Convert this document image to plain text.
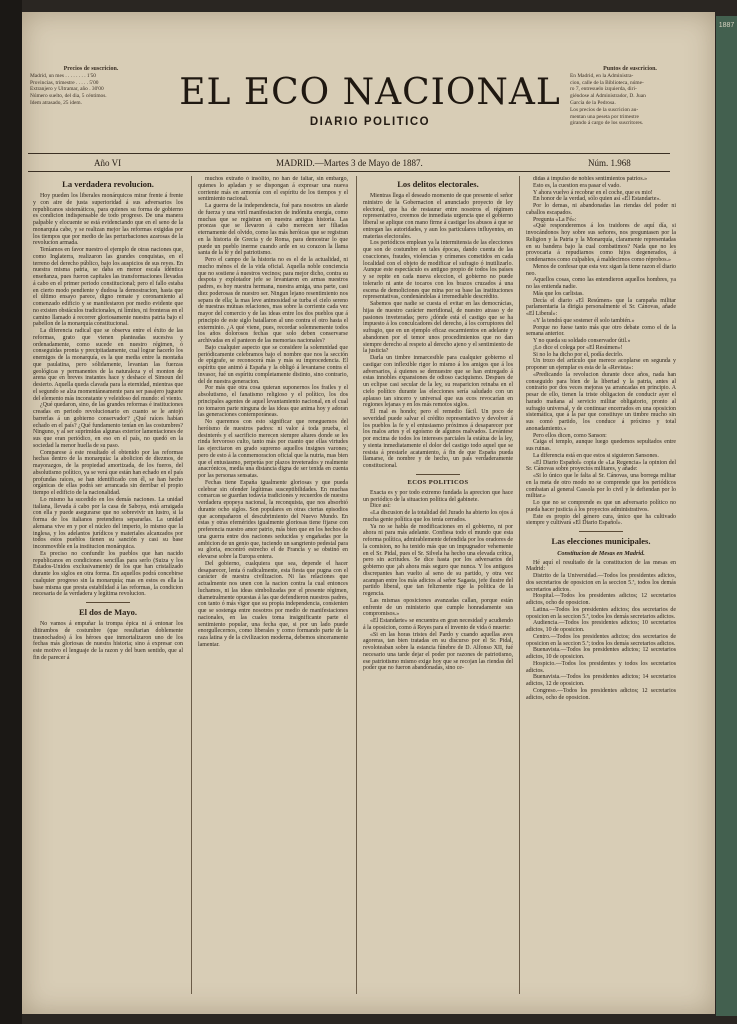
1887
Precios de suscricion.
Madrid, un mes . . . . . . . . 1'50
Provincias, trimestre . . . . . 5'00
Extranjero y Ultramar, año . 30'00
Número suelto, del dia, 5 céntimos.
Idem atrasado, 25 idem.	EL ECO NACIONAL
DIARIO POLITICO
Puntos de suscricion.
En Madrid, en la Administra-
cion, calle de la Biblioteca, núme-
ro 7, entresuelo izquierda, diri-
giéndose al Administrador, D. Juan
García de la Pedrosa.
Los precios de la suscricion au-
mentan una peseta por trimestre
girando á cargo de los suscritores.
Año VI	MADRID.—Martes 3 de Mayo de 1887.	Núm. 1.968
La verdadera revolucion.

Hoy pueden los liberales monárquicos mirar frente á frente y con aire de justa superioridad á sus adversarios los republicanos sistemáticos, para quienes su forma de gobierno es condicion indispensable de todo progreso. De una manera palpable y elocuente se está evidenciando que en el seno de la monarquía cabe, y se realizan mejor las reformas exigidas por los tiempos que por medio de las perturbaciones azarosas de la revolucion armada.

Teníamos en favor nuestro el ejemplo de otras naciones que, como Inglaterra, realizaron las grandes conquistas, en el terreno del derecho público, bajo los auspicios de sus reyes. En nuestra misma patria, se daba en menor escala idéntica enseñanza, pues fueron capitales las transformaciones llevadas á cabo en el primer periodo constitucional; pero el fallo estaba en cierto modo pendiente y dudosa la demostracion, hasta que el último ensayo parece, digno remate y coronamiento al comenzado edificio y se manifestaron por medio evidente que no existen obstáculos tradicionales, ni límites, ni fronteras en el camino llamado á recorrer gloriosamente nuestra patria bajo el pabellon de la monarquía constitucional.

La diferencia radical que se observa entre el éxito de las reformas, grato que vienen planteadas sucesiva y ordenadamente, como sucede en nuestro régimen, ó conseguidas pronta y precipitadamente, cual lograr hacerlo los enemigos de la monarquía, es la que media entre la montaña que paulatina, pero sólidamente, levantan las fuerzas geológicas y permanentes de la naturaleza y el monton de arena que en breves instantes hace y deshace el Simoun del desierto. Aquella queda clavada para la eternidad, mientras que el segundo se alza momentáneamente para ser pasajero juguete del elemento más inconstante y veleidoso del mundo: el viento.

¿Qué quedaron, sino, de las grandes reformas é instituciones creadas en periodo revolucionario en cuanto se le antojó barrerlas á un gobierno conservador? ¿Qué raíces habían echado en el país? ¿Qué fundamento tenían en las costumbres? Ninguno, y al ser suprimidas algunas exterior lamentaciones de sus que eran periódico, en eso en el país, no quedó en la sociedad la menor huella de su paso.

Comparese á este resultado el obtenido por las reformas hechas dentro de la monarquía: la abolicion de diezmos, de mayorazgos, de la propiedad amortizada, de los fueros, del absolutismo político, ya se verá que están han echado en el país profundas raíces, se han identificado con él, se han hecho orgánicas de ellas podrá ser arrancada sin derribar el propio tiempo el edificio de la nacionalidad.

Lo mismo ha sucedido en los demás naciones. La unidad italiana, llevada á cabo por la casa de Saboya, está arraigada con ella y puede asegurarse que no sobrevivir un lustro, si la forma de los italianos pretendiera separarlas. La unidad alemana vive en y por el núcleo del imperio, lo mismo que la inglesa, y los adelantos jurídicos y materiales alcanzados por todos estos pueblos tienen su sanción y casi su base inconmovible en la institucion monárquica.

Es preciso no confundir los pueblos que han nacido republicanos en condiciones sencillas para serlo (Suiza y los Estados-Unidos exclusivamente) de los que han cristalizado durante los siglos en otra forma. En aquellos podrá concebirse cualquier progreso sin la monarquía; mas en estos es ella la base misma que presta estabilidad á las reformas, la condicion necesaria de la verdadera y legítima revolucion.

El dos de Mayo.

No vamos á empuñar la trompa épica ni á entonar los ditirambos de costumbre (que resultarian doblemente trasnochados) á los héroes que inmortalizaron uno de los fechas más gloriosas de nuestra historia; sino á expresar con este motivo el lenguaje de la razon y del buen sentido, que al fin de parecer á

muchos extraño ó insólito, no han de faltar, sin embargo, quienes lo apladan y se dispongan á expresar una nueva corriente más en armonía con el espíritu de los tiempos y el sentimiento nacional.

La guerra de la independencia, fué para nosotros un alarde de fuerza y una viril manifestacion de indómita energía, como muchas que se registran en nuestra antigua historia. Las proezas que se llevaron á cabo merecen ser filiadas eternamente del olvido, como las más heróicas que se registran en la historia de Grecia y de Roma, para demostrar lo que puede un pueblo inerme cuando arde en su corazon la llama santa de la fé y del patriotismo.

Pero el campo de la historia no es el de la actualidad, ni mucho ménos el de la vida oficial. Aquella noble conciencia que no sostiene á nuestros vecinos; para mejor dicho, contra su despota y explotador jefe se levantaron en armas nuestros padres, es hoy nuestra hermana, nuestra amiga, una parte, casi diez poderosas de nuestro ser. Ningun lejano resentimiento nos separa de ella; la mas leve animosidad se turba el cielo sereno de nuestras mútuas relaciones, mas sobre la corriente cada vez mayor del comercio y de las ideas entre los dos pueblos que á principio de este siglo batallaron al uno contra el otro hasta el exterminio. ¿A qué viene, pues, recordar solemnemente todos los años dolorosos fechas que solo deben conservarse archivadas en el panteon de las memorias nacionales?

Bajo cualquier aspecto que se considere la solemnidad que periódicamente celebramos bajo el nombre que nos la sección de epígrafe, se reconocerá más y más su improcedencia. El espíritu que animó á España y la obligó á levantarse contra el invasor, fué un espíritu completamente distinto, sino contrario, del de nuestra generacion.

Por más que otra cosa quieran suponernos los frailes y el absolutismo, el fanatismo religioso y el político, los dos principales agentes de aquel levantamiento nacional, en el cual no tomaron parte ninguna de las ideas que anima hoy y adoran las generaciones contemporáneas.

No queremos con esto significar que reneguemos del heróismo de nuestros padres: ni valor á toda prueba, el desinterés y el sacrificio merecen siempre altares donde se les rinda fervoroso culto, tanto más por cuanto que ellas virtudes las ejercitaron en grado supremo aquellos insignes varones; pero de esto á la conmemoracion oficial que la nutria, mas bien que el entusiasmo, perpetúa por plazos inveterados y realmente anacrónicos, media una distancia digna de ser tenida en cuenta por las personas sensatas.

Fechas tiene España igualmente gloriosas y que pueda celebrar sin ofender legítimas susceptibilidades. En muchas comarcas se guardan todavía tradiciones y recuerdos de nuestra verdadera epopeya nacional, la reconquista, que nos absorbió durante ocho siglos. Son populares en otras ciertas episodios que acompañaron el descubrimiento del Nuevo Mundo. En estas y otras efemérides igualmente gloriosas tiene fijarse con preferencia nuestro amor patrio, más bien que en los hechos de una guerra entre dos naciones seducidas y engañadas por la ambicion de un genio que, tuciendo un sangriento pedestal para su gloria, encontró estrecho el de Francia y se obstinó en elevarse sobre la Europa entera.

Del gobierno, cualquiera que sea, depende el hacer desaparecer, lenta ó radicalmente, esta fiesta que pugna con el carácter de nuestra civilizacion. Ni las relaciones que actualmente nos unen con la nacion contra la cual entonces luchamos, ni las ideas simbolizadas por el presente régimen, diametralmente opuestas á las que defendieron nuestros padres, con tanto ó más vigor que su propia independencia, consienten que se sostenga entre nosotros por medio de manifestaciones nacionales, en las cuales toma insignificante parte el sentimiento popular, una fecha que, si por un lado puede enorgullecernos, como liberales y como formando parte de la raza latina y de la civilizacion moderna, debemos sinceramente lamentar.

Los delitos electorales.

Mientras llega el deseado momento de que presente el señor ministro de la Gobernacion el anunciado proyecto de ley electoral, que ha de restaurar entre nosotros el régimen representativo, creemos de inmediata urgencia que el gobierno liberal se aplique con mano firme á castigar los abusos á que se entregan las autoridades, y aun los particulares influyentes, en materias electorales.

Los periódicos emplean ya la intermitensia de las elecciones que son de costumbre en tales épocas, dando cuenta de las coacciones, fraudes, violencias y crímenes cometidos en cada localidad con el objeto de modificar el sufragio ó inutilizarlo. Aunque este espectáculo es antiguo propio de todos los países y se repite en cada nueva eleccion, el gobierno no puede tolerarlo ni ante de tocaros con los brazos cruzados á una escena de demoliciones que mina por su base las instituciones representativas, condenándolas á irremediable descrédito.

Sabemos que nadie se cuesta el evitar en las democrácias, hijas de nuestro carácter meridional, de nuestro atraso y de pasiones inveteradas; pero ¿dónde está el castigo que se ha impuesto á los conculcadores del derecho, á los corruptores del sufragio, que en un ejemplo eficaz escarmientos en adelante y abandonen por el temor unos procedimientos que no dan siempre derecho al respeto al derecho ajeno y el sentimiento de la justicia?

Darla un timbre inmarcesible para cualquier gobierno el castigar con inflexible rigor lo mismo á los amigos que á los adversarios, á quienes se demuestre que se han entregado á estas innobles expansiones de odioso caciquismo. Despues de un eclipse casi secular de la ley, su reaparicion reinaba en el cielo político durante las elecciones sería saludado con un aplauso tan sincero y universal que sus ecos revocarían en regiones lejanas y en los más remotos siglos.

El mal es hondo; pero el remedio fácil. Un poco de severidad puede salvar el crédito representativo y devolver á los pueblos la fe y el entusiasmo próximos á desaparecer por los malos artes y el egoísmo de algunos malvados. Levántese por encima de todos los intereses parciales la estátua de la ley, y sienta inmediatamente el dolor del castigo todo aquel que se resista á prestarle acatamiento, á fin de que España pueda llamarse, de nombre y de hecho, un país verdaderamente constitucional.

ECOS POLITICOS

Exacta es y por todo extremo fundada la aprecion que hace un periódico de la situacion política del gabinete.

Dice así:

«La discusion de la totalidad del Jurado ha abierto los ojos á mucha gente política que los tenía cerrados.

Ya no se habla de modificaciones en el gobierno, ni por ahora ni para más adelante. Confiesa todo el mundo que esta reforma política, admirablemente defendida por los oradores de la comision, no ha tenido más que un impugnador vehemente en el Sr. Pidal, pues el Sr. Silvela ha hecho una elevada crítica, pero sin acritudes. Se dice hasta por los adversarios del gobierno que ¡ah ahora más seguro que nunca. Y los antiguos discrepantes han vuelto al seno de su partido, y otra vez acampan entre los más adictos al señor Sagasta, jefe ilustre del partido liberal, que tan felizmente rige la política de la regencia.

Las mismas oposiciones avanzadas callan, porque están enfrente de un ministerio que cumple honradamente sus compromisos.»

«El Estandarte» se encuentra en gran necesidad y acudiendo á la oposicion, como á Reyes para el invento de vida ó muerte:

«Si en las horas tristes del Pardo y cuando aquellas aves agoreras, tan bien tratadas en su discurso por el Sr. Pidal, revoloteaban sobre la estancia fúnebre de D. Alfonso XII, fué necesario una tarde dejar el poder por razones de patriotismo, ese patriotismo mismo exige hoy que se recojan las riendas del poder que no fueron abandonadas, sino ce-

didas á impulso de nobles sentimientos patrios.»

Esto es, la cuestion era pasar el vado.

Y ahora vuelvo á recobrar en el coche, que es mio!

En honor de la verdad, sólo quien así «El Estandarte».

Por lo demas, ni abandonadas las riendas del poder ni caballos escapados.

Pregunta «La Fé»:

«Qué responderemos á los traidores de aquí día, si invocándonos hoy sobre sus señores, nos preguntasen por la Religion y la Patria y la Monarquía, claramente representadas en su bandera bajo la cual combatimos? Nada que no les provocaria á repudiarnos como hijos degenerados, á condenarnos como culpables, á maldecirnos como réprobos.»

Menos de confesar que esta vez sigan la tiene razon el diario neo.

Aquellos cosas, como las entendieron aquellos hombres, ya no las entienda nadie.

Más que los carlistas.

Decía el diario «El Resúmen» que la campaña militar parlamentaria la dirigía personalmente el Sr. Cánovas, añade «El Liberal»:

«Y la tendrá que sostener él solo también.»

Porque no fuese tanto más que otro debate como el de la semana anterior.

Y no queda su soldado conservador útil.»

¡Lo dice el colega por «El Resúmen»!

Si no lo ha dicho por el, podía decirlo.

Un trozo del artículo que merece acoplarse en segunda y proponer un ejemplar es esta de la «Revista»:

«Predicando la revolucion durante doce años, nada han conseguido para bien de la libertad y la patria, antes al contrario por dos veces mejoras ya arrancadas en principio. A pesar de ello, tienen la triste obligacion de conducir ayer el harado mañana al servicio militar obligatorio, pronto al sufragio universal, y de continuar encerrados en una oposicion sistemática, que á la par que constituye un timbre mucho sin sus comó partido, los conduce á próximo y total anonadamiento.»

Pero ellos dicen, como Sanson:

Caiga el templo, aunque luego quedemos sepultados entre sus ruinas.

La diferencia está en que estos si siguieron Sansones.

«El Diario Español» copia de «La Regencia» la opinion del Sr. Cánovas sobre proyectos militares, y añade:

«Si lo único que le falta al Sr. Cánovas, una borrega militar en la meta de otro modo no se comprende que los periódicos combatan al general Cassola por lo civil y le defiendan por lo militar.»

Lo que no se comprende es que un adversario político no pueda hacer justicia á los proyectos administrativos.

Este es propio del género cura, único que ha cultivado siempre y cultivará «El Diario Español».

Las elecciones municipales.
Constitucion de Mesas en Madrid.

Hé aquí el resultado de la constitucion de las mesas en Madrid:

Distrito de la Universidad.—Todos los presidentes adictos, dos secretarios de oposicion en la seccion 5.ª, todos los demás secretarios adictos.

Hospital.—Todos los presidentes adictos; 12 secretarios adictos, ocho de oposicion.

Latina.—Todos los presidentes adictos; dos secretarios de oposicion en la seccion 5.ª, todos los demás secretarios adictos.

Audiencia.—Todos los presidentes adictos; 10 secretarios adictos, 10 de oposicion.

Centro.—Todos los presidentes adictos; dos secretarios de oposicion en la seccion 5.ª; todos los demás secretarios adictos.

Buenavista.—Todos los presidentes adictos; 12 secretarios adictos, 10 de oposicion.

Hospicio.—Todos los presidentes y todos los secretarios adictos.

Buenavista.—Todos los presidentes adictos; 14 secretarios adictos, 12 de oposicion.

Congreso.—Todos los presidentes adictos; 12 secretarios adictos, ocho de oposicion.
